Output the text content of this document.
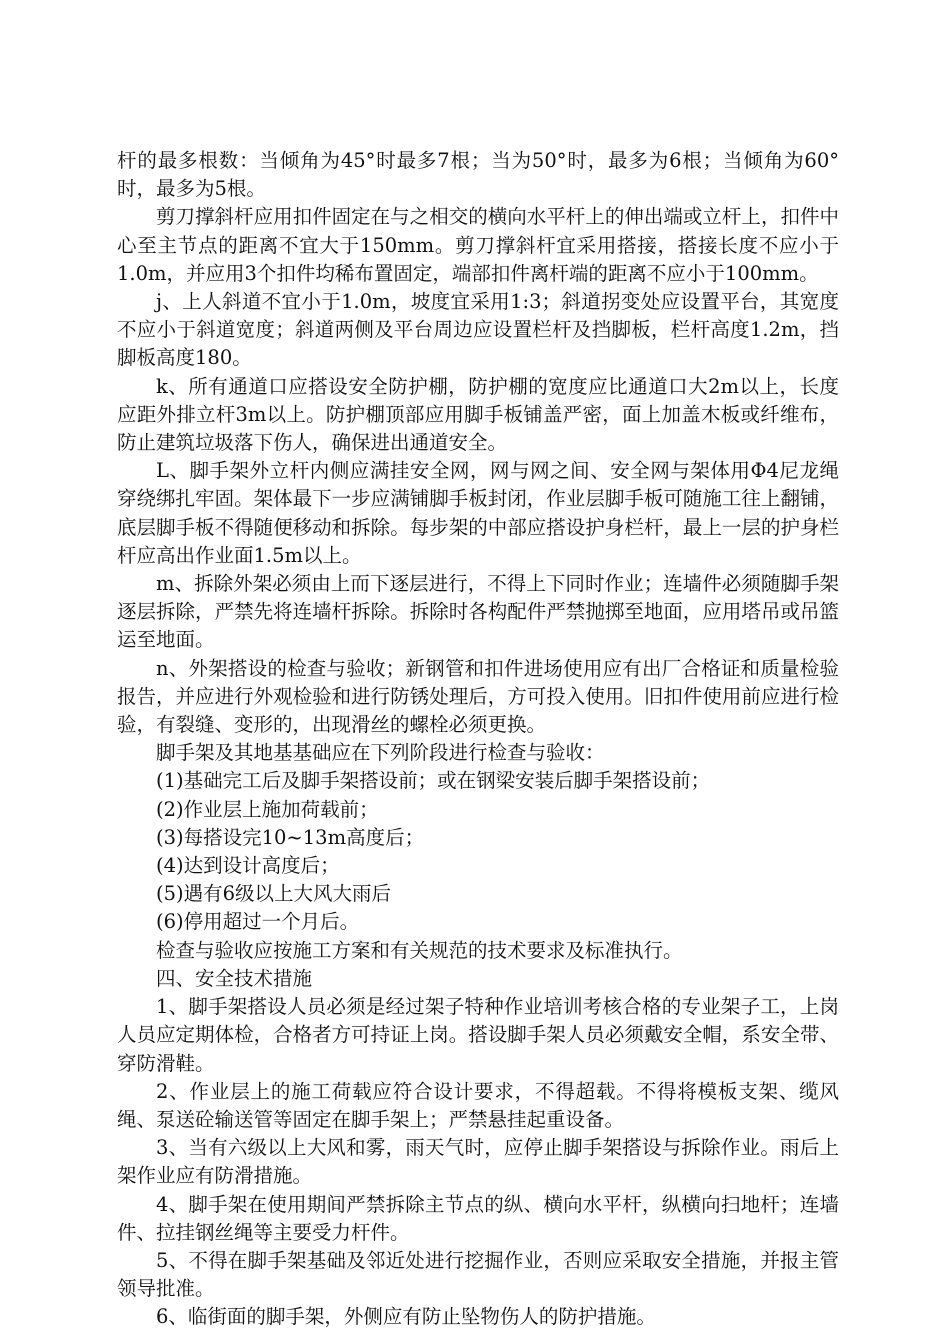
杆的最多根数：当倾角为45°时最多7根；当为50°时，最多为6根；当倾角为60°时，最多为5根。

剪刀撑斜杆应用扣件固定在与之相交的横向水平杆上的伸出端或立杆上，扣件中心至主节点的距离不宜大于150mm。剪刀撑斜杆宜采用搭接，搭接长度不应小于1.0m，并应用3个扣件均稀布置固定，端部扣件离杆端的距离不应小于100mm。

j、上人斜道不宜小于1.0m，坡度宜采用1:3；斜道拐变处应设置平台，其宽度不应小于斜道宽度；斜道两侧及平台周边应设置栏杆及挡脚板，栏杆高度1.2m，挡脚板高度180。

k、所有通道口应搭设安全防护棚，防护棚的宽度应比通道口大2m以上，长度应距外排立杆3m以上。防护棚顶部应用脚手板铺盖严密，面上加盖木板或纤维布，防止建筑垃圾落下伤人，确保进出通道安全。

L、脚手架外立杆内侧应满挂安全网，网与网之间、安全网与架体用Φ4尼龙绳穿绕绑扎牢固。架体最下一步应满铺脚手板封闭，作业层脚手板可随施工往上翻铺，底层脚手板不得随便移动和拆除。每步架的中部应搭设护身栏杆，最上一层的护身栏杆应高出作业面1.5m以上。

m、拆除外架必须由上而下逐层进行，不得上下同时作业；连墙件必须随脚手架逐层拆除，严禁先将连墙杆拆除。拆除时各构配件严禁抛掷至地面，应用塔吊或吊篮运至地面。

n、外架搭设的检查与验收；新钢管和扣件进场使用应有出厂合格证和质量检验报告，并应进行外观检验和进行防锈处理后，方可投入使用。旧扣件使用前应进行检验，有裂缝、变形的，出现滑丝的螺栓必须更换。

脚手架及其地基基础应在下列阶段进行检查与验收：

(1)基础完工后及脚手架搭设前；或在钢梁安装后脚手架搭设前；

(2)作业层上施加荷载前；

(3)每搭设完10~13m高度后；

(4)达到设计高度后；

(5)遇有6级以上大风大雨后

(6)停用超过一个月后。

检查与验收应按施工方案和有关规范的技术要求及标准执行。

四、安全技术措施

1、脚手架搭设人员必须是经过架子特种作业培训考核合格的专业架子工，上岗人员应定期体检，合格者方可持证上岗。搭设脚手架人员必须戴安全帽，系安全带、穿防滑鞋。

2、作业层上的施工荷载应符合设计要求，不得超载。不得将模板支架、缆风绳、泵送砼输送管等固定在脚手架上；严禁悬挂起重设备。

3、当有六级以上大风和雾，雨天气时，应停止脚手架搭设与拆除作业。雨后上架作业应有防滑措施。

4、脚手架在使用期间严禁拆除主节点的纵、横向水平杆，纵横向扫地杆；连墙件、拉挂钢丝绳等主要受力杆件。

5、不得在脚手架基础及邻近处进行挖掘作业，否则应采取安全措施，并报主管领导批准。

6、临街面的脚手架，外侧应有防止坠物伤人的防护措施。
